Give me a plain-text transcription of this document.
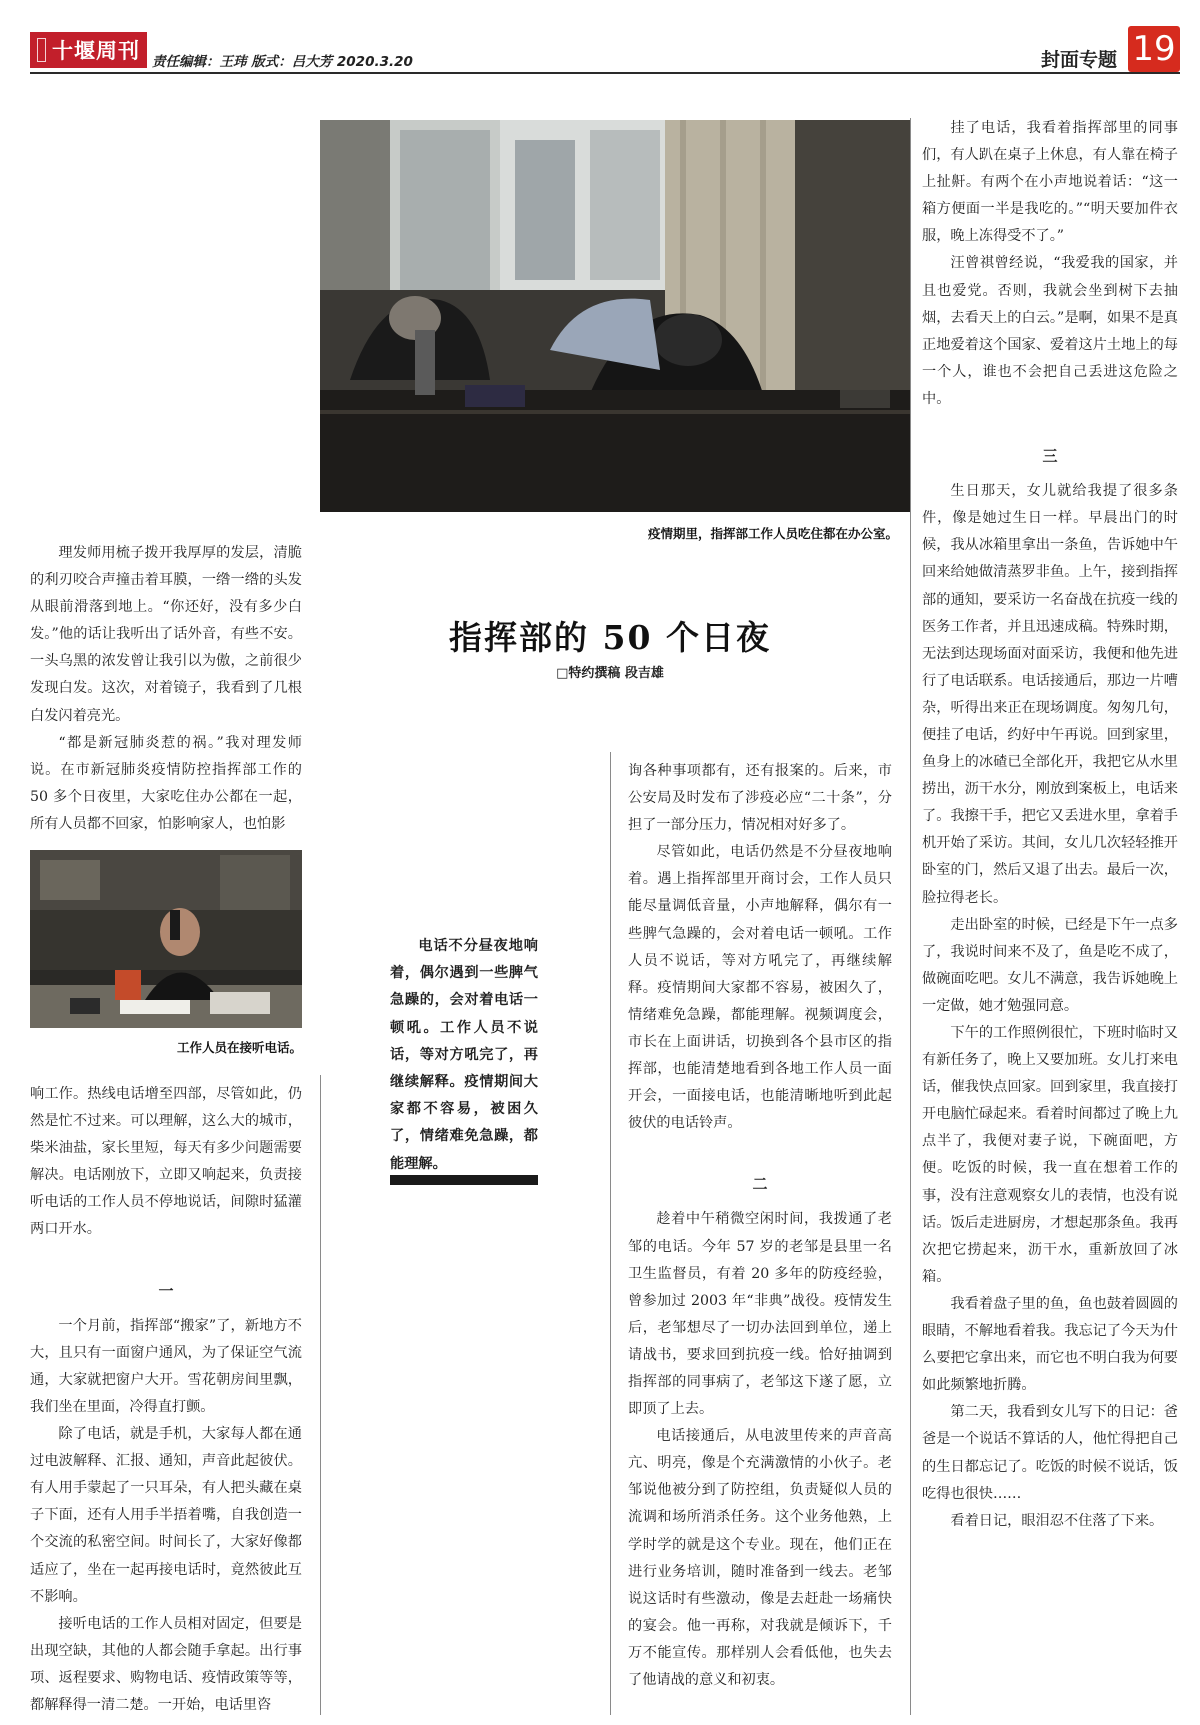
十堰周刊 责任编辑：王玮 版式：吕大芳 2020.3.20	封面专题 19

理发师用梳子拨开我厚厚的发层，清脆的利刃咬合声撞击着耳膜，一绺一绺的头发从眼前滑落到地上。“你还好，没有多少白发。”他的话让我听出了话外音，有些不安。一头乌黑的浓发曾让我引以为傲，之前很少发现白发。这次，对着镜子，我看到了几根白发闪着亮光。

“都是新冠肺炎惹的祸。”我对理发师说。在市新冠肺炎疫情防控指挥部工作的 50 多个日夜里，大家吃住办公都在一起，所有人员都不回家，怕影响家人，也怕影

工作人员在接听电话。

响工作。热线电话增至四部，尽管如此，仍然是忙不过来。可以理解，这么大的城市，柴米油盐，家长里短，每天有多少问题需要解决。电话刚放下，立即又响起来，负责接听电话的工作人员不停地说话，间隙时猛灌两口开水。

一

一个月前，指挥部“搬家”了，新地方不大，且只有一面窗户通风，为了保证空气流通，大家就把窗户大开。雪花朝房间里飘，我们坐在里面，冷得直打颤。

除了电话，就是手机，大家每人都在通过电波解释、汇报、通知，声音此起彼伏。有人用手蒙起了一只耳朵，有人把头藏在桌子下面，还有人用手半捂着嘴，自我创造一个交流的私密空间。时间长了，大家好像都适应了，坐在一起再接电话时，竟然彼此互不影响。

接听电话的工作人员相对固定，但要是出现空缺，其他的人都会随手拿起。出行事项、返程要求、购物电话、疫情政策等等，都解释得一清二楚。一开始，电话里咨

疫情期里，指挥部工作人员吃住都在办公室。
指挥部的 50 个日夜
□特约撰稿 段吉雄
电话不分昼夜地响着，偶尔遇到一些脾气急躁的，会对着电话一顿吼。工作人员不说话，等对方吼完了，再继续解释。疫情期间大家都不容易，被困久了，情绪难免急躁，都能理解。

询各种事项都有，还有报案的。后来，市公安局及时发布了涉疫必应“二十条”，分担了一部分压力，情况相对好多了。

尽管如此，电话仍然是不分昼夜地响着。遇上指挥部里开商讨会，工作人员只能尽量调低音量，小声地解释，偶尔有一些脾气急躁的，会对着电话一顿吼。工作人员不说话，等对方吼完了，再继续解释。疫情期间大家都不容易，被困久了，情绪难免急躁，都能理解。视频调度会，市长在上面讲话，切换到各个县市区的指挥部，也能清楚地看到各地工作人员一面开会，一面接电话，也能清晰地听到此起彼伏的电话铃声。

二

趁着中午稍微空闲时间，我拨通了老邹的电话。今年 57 岁的老邹是县里一名卫生监督员，有着 20 多年的防疫经验，曾参加过 2003 年“非典”战役。疫情发生后，老邹想尽了一切办法回到单位，递上请战书，要求回到抗疫一线。恰好抽调到指挥部的同事病了，老邹这下遂了愿，立即顶了上去。

电话接通后，从电波里传来的声音高亢、明亮，像是个充满激情的小伙子。老邹说他被分到了防控组，负责疑似人员的流调和场所消杀任务。这个业务他熟，上学时学的就是这个专业。现在，他们正在进行业务培训，随时准备到一线去。老邹说这话时有些激动，像是去赶赴一场痛快的宴会。他一再称，对我就是倾诉下，千万不能宣传。那样别人会看低他，也失去了他请战的意义和初衷。

挂了电话，我看着指挥部里的同事们，有人趴在桌子上休息，有人靠在椅子上扯鼾。有两个在小声地说着话：“这一箱方便面一半是我吃的。”“明天要加件衣服，晚上冻得受不了。”

汪曾祺曾经说，“我爱我的国家，并且也爱党。否则，我就会坐到树下去抽烟，去看天上的白云。”是啊，如果不是真正地爱着这个国家、爱着这片土地上的每一个人，谁也不会把自己丢进这危险之中。

三

生日那天，女儿就给我提了很多条件，像是她过生日一样。早晨出门的时候，我从冰箱里拿出一条鱼，告诉她中午回来给她做清蒸罗非鱼。上午，接到指挥部的通知，要采访一名奋战在抗疫一线的医务工作者，并且迅速成稿。特殊时期，无法到达现场面对面采访，我便和他先进行了电话联系。电话接通后，那边一片嘈杂，听得出来正在现场调度。匆匆几句，便挂了电话，约好中午再说。回到家里，鱼身上的冰碴已全部化开，我把它从水里捞出，沥干水分，刚放到案板上，电话来了。我擦干手，把它又丢进水里，拿着手机开始了采访。其间，女儿几次轻轻推开卧室的门，然后又退了出去。最后一次，脸拉得老长。

走出卧室的时候，已经是下午一点多了，我说时间来不及了，鱼是吃不成了，做碗面吃吧。女儿不满意，我告诉她晚上一定做，她才勉强同意。

下午的工作照例很忙，下班时临时又有新任务了，晚上又要加班。女儿打来电话，催我快点回家。回到家里，我直接打开电脑忙碌起来。看着时间都过了晚上九点半了，我便对妻子说，下碗面吧，方便。吃饭的时候，我一直在想着工作的事，没有注意观察女儿的表情，也没有说话。饭后走进厨房，才想起那条鱼。我再次把它捞起来，沥干水，重新放回了冰箱。

我看着盘子里的鱼，鱼也鼓着圆圆的眼睛，不解地看着我。我忘记了今天为什么要把它拿出来，而它也不明白我为何要如此频繁地折腾。

第二天，我看到女儿写下的日记：爸爸是一个说话不算话的人，他忙得把自己的生日都忘记了。吃饭的时候不说话，饭吃得也很快……

看着日记，眼泪忍不住落了下来。
